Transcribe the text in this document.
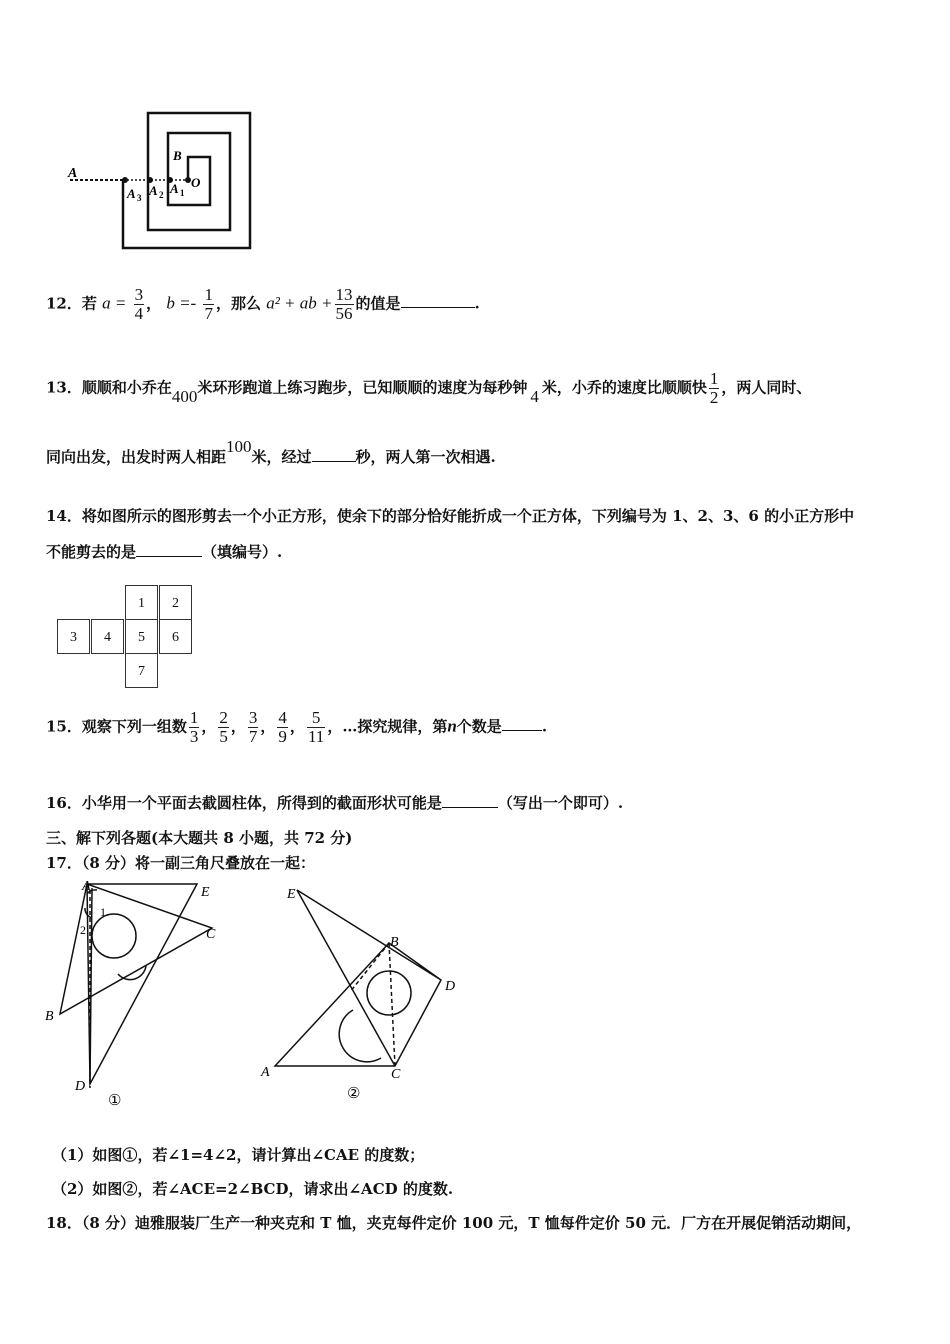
A
A 3 A 2 A 1
B
O
12．若 $a = \frac{3}{4}$ ， $b =- \frac{1}{7}$ ，那么 a² + ab + $\frac{13}{56}$ 的值是	.
13．顺顺和小乔在400米环形跑道上练习跑步，已知顺顺的速度为每秒钟 4 米，小乔的速度比顺顺快 $\frac{1}{2}$ ，两人同时、
同向出发，出发时两人相距100米，经过	秒，两人第一次相遇.
14．将如图所示的图形剪去一个小正方形，使余下的部分恰好能折成一个正方体，下列编号为 1、2、3、6 的小正方形中
不能剪去的是	（填编号）.
1	2
3	4	5	6
7
15．观察下列一组数 $\frac{1}{3}$ ， $\frac{2}{5}$ ， $\frac{3}{7}$ ， $\frac{4}{9}$ ， $\frac{5}{11}$ ，…探究规律，第n个数是	.
16．小华用一个平面去截圆柱体，所得到的截面形状可能是	（写出一个即可）.
三、解下列各题(本大题共 8 小题，共 72 分)
17．（8 分）将一副三角尺叠放在一起：
A	E
C
B
D
1
2
①
E
B
D
A	C
②
（1）如图①，若∠1=4∠2，请计算出∠CAE 的度数；
（2）如图②，若∠ACE=2∠BCD，请求出∠ACD 的度数.
18．（8 分）迪雅服装厂生产一种夹克和 T 恤，夹克每件定价 100 元，T 恤每件定价 50 元．厂方在开展促销活动期间，
